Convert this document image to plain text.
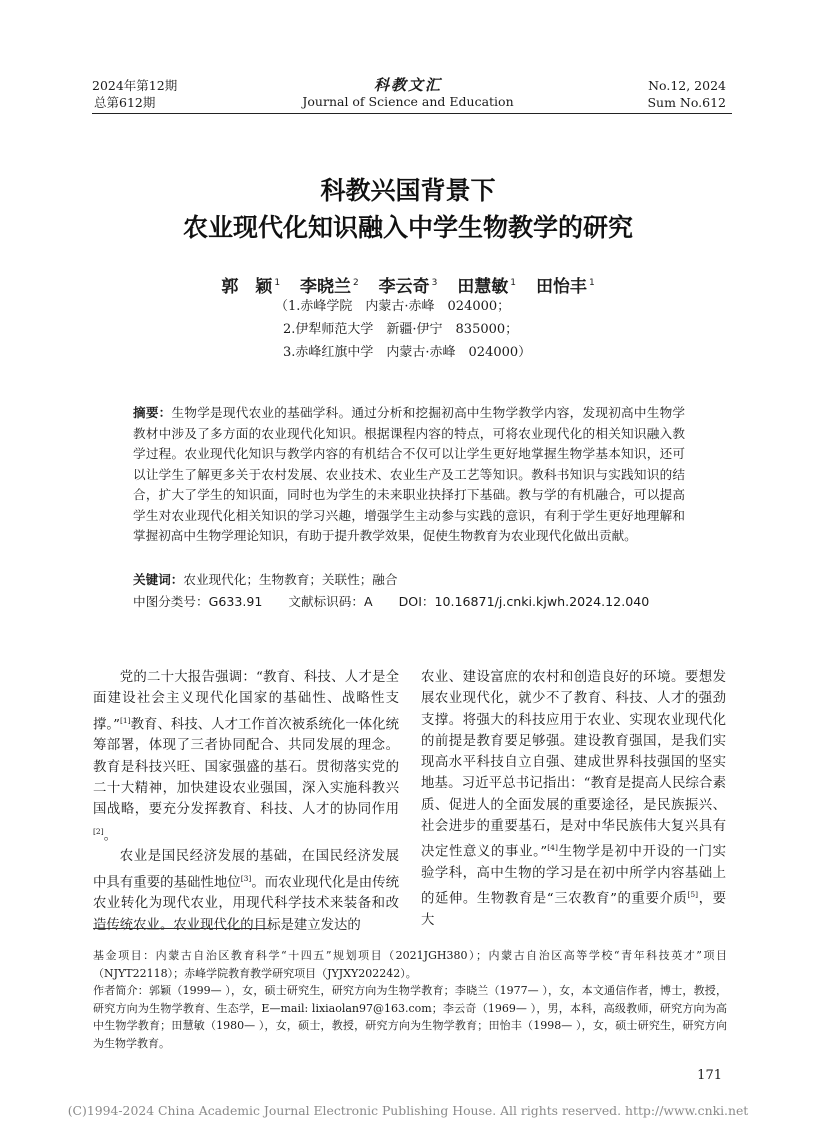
2024年第12期
总第612期
科教文汇
Journal of Science and Education
No.12, 2024
Sum No.612
科教兴国背景下
农业现代化知识融入中学生物教学的研究
郭　颖 $^1$ 李晓兰 $^2$ 李云奇 $^3$ 田慧敏 $^1$ 田怡丰 $^1$
（1.赤峰学院　内蒙古·赤峰　024000；
2.伊犁师范大学　新疆·伊宁　835000；
3.赤峰红旗中学　内蒙古·赤峰　024000）
摘要：生物学是现代农业的基础学科。通过分析和挖掘初高中生物学教学内容，发现初高中生物学教材中涉及了多方面的农业现代化知识。根据课程内容的特点，可将农业现代化的相关知识融入教学过程。农业现代化知识与教学内容的有机结合不仅可以让学生更好地掌握生物学基本知识，还可以让学生了解更多关于农村发展、农业技术、农业生产及工艺等知识。教科书知识与实践知识的结合，扩大了学生的知识面，同时也为学生的未来职业抉择打下基础。教与学的有机融合，可以提高学生对农业现代化相关知识的学习兴趣，增强学生主动参与实践的意识，有利于学生更好地理解和掌握初高中生物学理论知识，有助于提升教学效果，促使生物教育为农业现代化做出贡献。
关键词：农业现代化；生物教育；关联性；融合
中图分类号：G633.91 文献标识码：A DOI：10.16871/j.cnki.kjwh.2024.12.040

党的二十大报告强调：“教育、科技、人才是全面建设社会主义现代化国家的基础性、战略性支撑。”[1]教育、科技、人才工作首次被系统化一体化统筹部署，体现了三者协同配合、共同发展的理念。教育是科技兴旺、国家强盛的基石。贯彻落实党的二十大精神，加快建设农业强国，深入实施科教兴国战略，要充分发挥教育、科技、人才的协同作用[2]。

农业是国民经济发展的基础，在国民经济发展中具有重要的基础性地位[3]。而农业现代化是由传统农业转化为现代农业，用现代科学技术来装备和改造传统农业。农业现代化的目标是建立发达的

农业、建设富庶的农村和创造良好的环境。要想发展农业现代化，就少不了教育、科技、人才的强劲支撑。将强大的科技应用于农业、实现农业现代化的前提是教育要足够强。建设教育强国，是我们实现高水平科技自立自强、建成世界科技强国的坚实地基。习近平总书记指出：“教育是提高人民综合素质、促进人的全面发展的重要途径，是民族振兴、社会进步的重要基石，是对中华民族伟大复兴具有决定性意义的事业。”[4]生物学是初中开设的一门实验学科，高中生物的学习是在初中所学内容基础上的延伸。生物教育是“三农教育”的重要介质[5]，要大

基金项目：内蒙古自治区教育科学“十四五”规划项目（2021JGH380）；内蒙古自治区高等学校“青年科技英才”项目（NJYT22118）；赤峰学院教育教学研究项目（JYJXY202242）。

作者简介：郭颖（1999— ），女，硕士研究生，研究方向为生物学教育；李晓兰（1977— ），女，本文通信作者，博士，教授，研究方向为生物学教育、生态学，E—mail: lixiaolan97@163.com；李云奇（1969— ），男，本科，高级教师，研究方向为高中生物学教育；田慧敏（1980— ），女，硕士，教授，研究方向为生物学教育；田怡丰（1998— ），女，硕士研究生，研究方向为生物学教育。

171
(C)1994-2024 China Academic Journal Electronic Publishing House. All rights reserved. http://www.cnki.net
